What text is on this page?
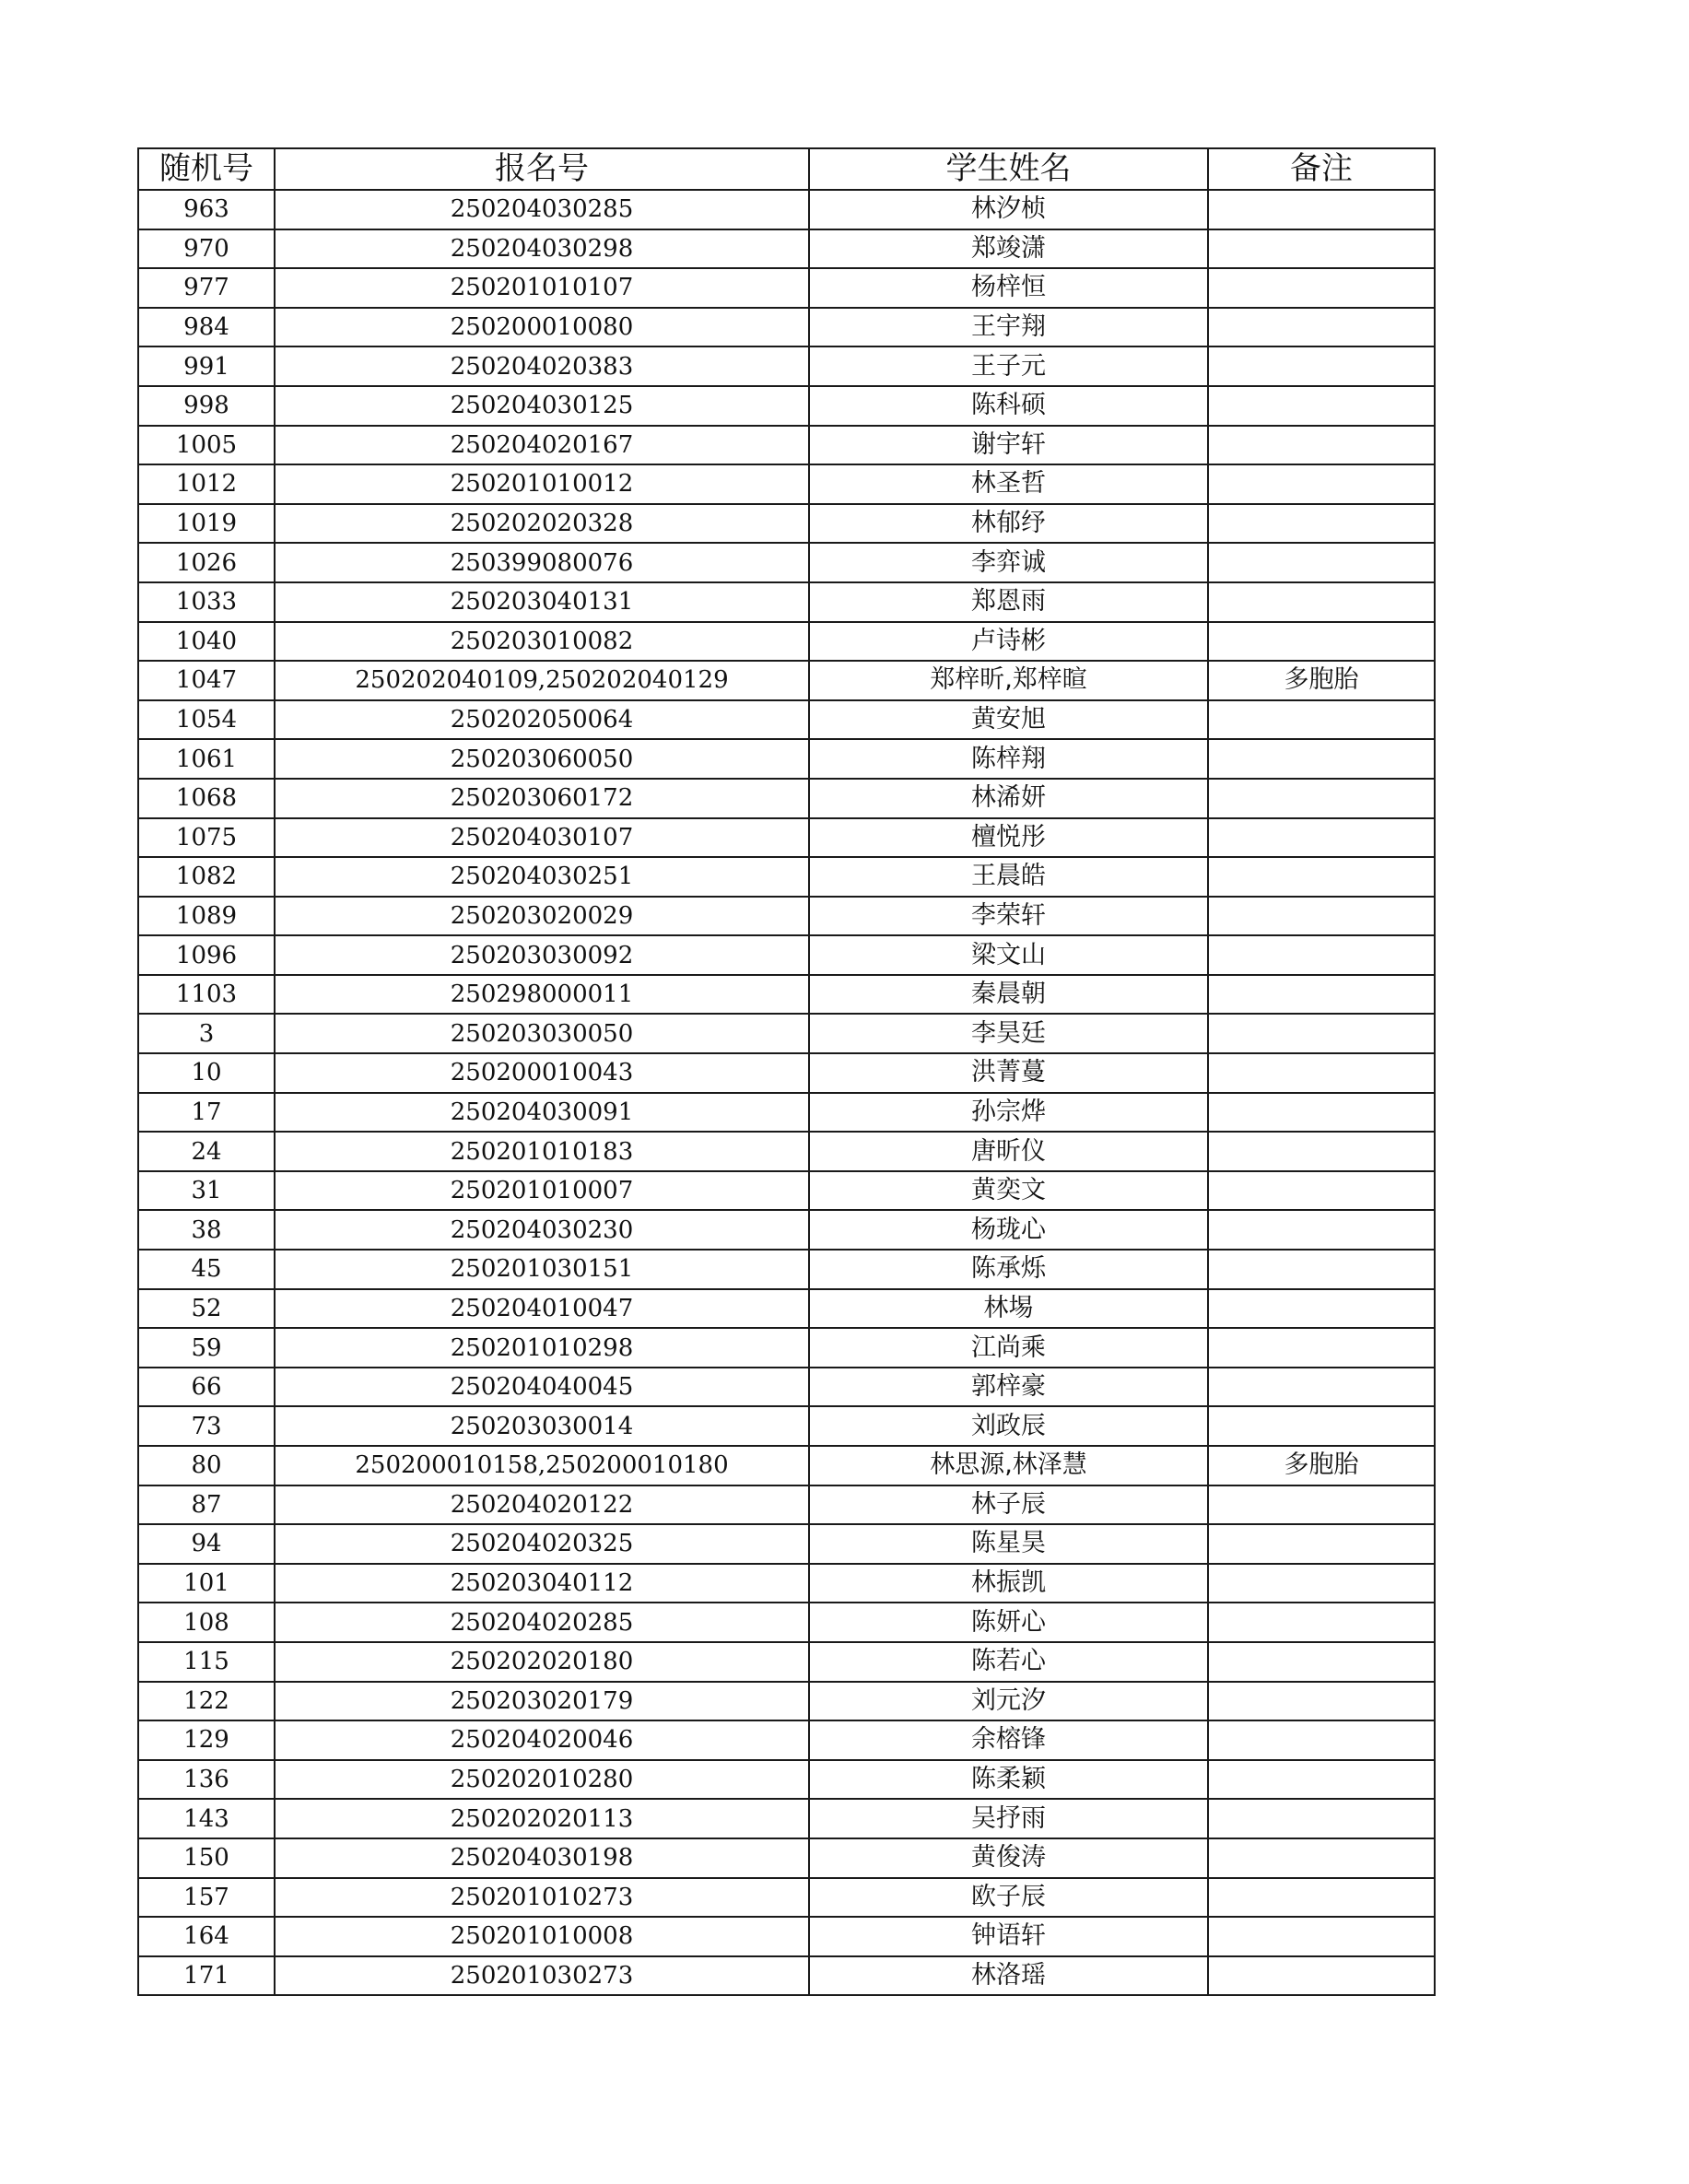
随机号	报名号	学生姓名	备注
963	250204030285	林汐桢	
970	250204030298	郑竣潇	
977	250201010107	杨梓恒	
984	250200010080	王宇翔	
991	250204020383	王子元	
998	250204030125	陈科硕	
1005	250204020167	谢宇轩	
1012	250201010012	林圣哲	
1019	250202020328	林郁纾	
1026	250399080076	李弈诚	
1033	250203040131	郑恩雨	
1040	250203010082	卢诗彬	
1047	250202040109,250202040129	郑梓昕,郑梓暄	多胞胎
1054	250202050064	黄安旭	
1061	250203060050	陈梓翔	
1068	250203060172	林浠妍	
1075	250204030107	檀悦彤	
1082	250204030251	王晨皓	
1089	250203020029	李荣轩	
1096	250203030092	梁文山	
1103	250298000011	秦晨朝	
3	250203030050	李昊廷	
10	250200010043	洪菁蔓	
17	250204030091	孙宗烨	
24	250201010183	唐昕仪	
31	250201010007	黄奕文	
38	250204030230	杨珑心	
45	250201030151	陈承烁	
52	250204010047	林埸	
59	250201010298	江尚乘	
66	250204040045	郭梓豪	
73	250203030014	刘政辰	
80	250200010158,250200010180	林思源,林泽慧	多胞胎
87	250204020122	林子辰	
94	250204020325	陈星昊	
101	250203040112	林振凯	
108	250204020285	陈妍心	
115	250202020180	陈若心	
122	250203020179	刘元汐	
129	250204020046	余榕锋	
136	250202010280	陈柔颖	
143	250202020113	吴抒雨	
150	250204030198	黄俊涛	
157	250201010273	欧子辰	
164	250201010008	钟语轩	
171	250201030273	林洛瑶	
